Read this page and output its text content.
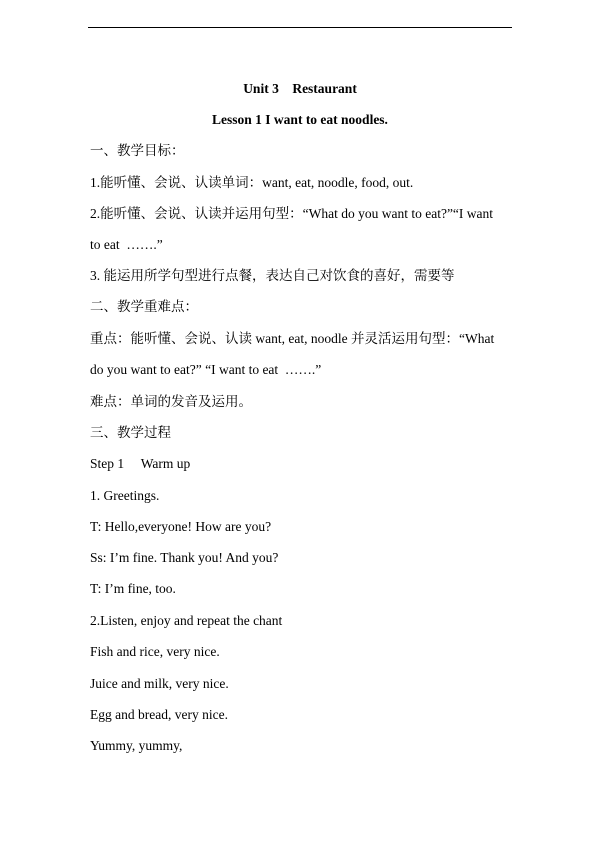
Unit 3    Restaurant
Lesson 1 I want to eat noodles.
一、教学目标：
1.能听懂、会说、认读单词：want, eat, noodle, food, out.
2.能听懂、会说、认读并运用句型：“What do you want to eat?”“I want
to eat  …….”
3. 能运用所学句型进行点餐，表达自己对饮食的喜好，需要等
二、教学重难点：
重点：能听懂、会说、认读 want, eat, noodle 并灵活运用句型：“What
do you want to eat?” “I want to eat  …….”
难点：单词的发音及运用。
三、教学过程
Step 1     Warm up
1. Greetings.
T: Hello,everyone! How are you?
Ss: I’m fine. Thank you! And you?
T: I’m fine, too.
2.Listen, enjoy and repeat the chant
Fish and rice, very nice.
Juice and milk, very nice.
Egg and bread, very nice.
Yummy, yummy,
